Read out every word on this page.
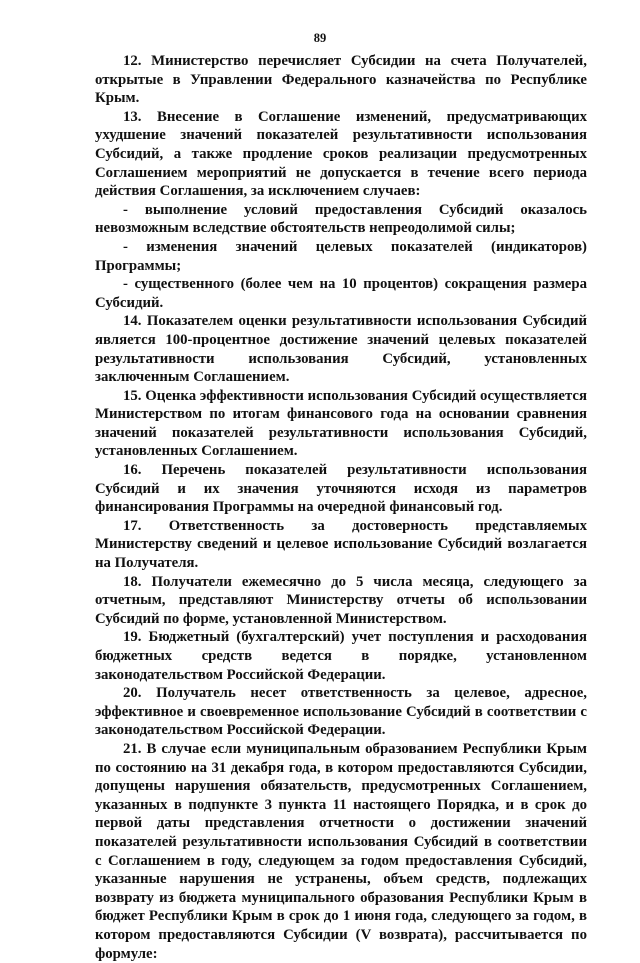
89

12. Министерство перечисляет Субсидии на счета Получателей, открытые в Управлении Федерального казначейства по Республике Крым.

13. Внесение в Соглашение изменений, предусматривающих ухудшение значений показателей результативности использования Субсидий, а также продление сроков реализации предусмотренных Соглашением мероприятий не допускается в течение всего периода действия Соглашения, за исключением случаев:

- выполнение условий предоставления Субсидий оказалось невозможным вследствие обстоятельств непреодолимой силы;

- изменения значений целевых показателей (индикаторов) Программы;

- существенного (более чем на 10 процентов) сокращения размера Субсидий.

14. Показателем оценки результативности использования Субсидий является 100-процентное достижение значений целевых показателей результативности использования Субсидий, установленных заключенным Соглашением.

15. Оценка эффективности использования Субсидий осуществляется Министерством по итогам финансового года на основании сравнения значений показателей результативности использования Субсидий, установленных Соглашением.

16. Перечень показателей результативности использования Субсидий и их значения уточняются исходя из параметров финансирования Программы на очередной финансовый год.

17. Ответственность за достоверность представляемых Министерству сведений и целевое использование Субсидий возлагается на Получателя.

18. Получатели ежемесячно до 5 числа месяца, следующего за отчетным, представляют Министерству отчеты об использовании Субсидий по форме, установленной Министерством.

19. Бюджетный (бухгалтерский) учет поступления и расходования бюджетных средств ведется в порядке, установленном законодательством Российской Федерации.

20. Получатель несет ответственность за целевое, адресное, эффективное и своевременное использование Субсидий в соответствии с законодательством Российской Федерации.

21. В случае если муниципальным образованием Республики Крым по состоянию на 31 декабря года, в котором предоставляются Субсидии, допущены нарушения обязательств, предусмотренных Соглашением, указанных в подпункте 3 пункта 11 настоящего Порядка, и в срок до первой даты представления отчетности о достижении значений показателей результативности использования Субсидий в соответствии с Соглашением в году, следующем за годом предоставления Субсидий, указанные нарушения не устранены, объем средств, подлежащих возврату из бюджета муниципального образования Республики Крым в бюджет Республики Крым в срок до 1 июня года, следующего за годом, в котором предоставляются Субсидии (V возврата), рассчитывается по формуле:
